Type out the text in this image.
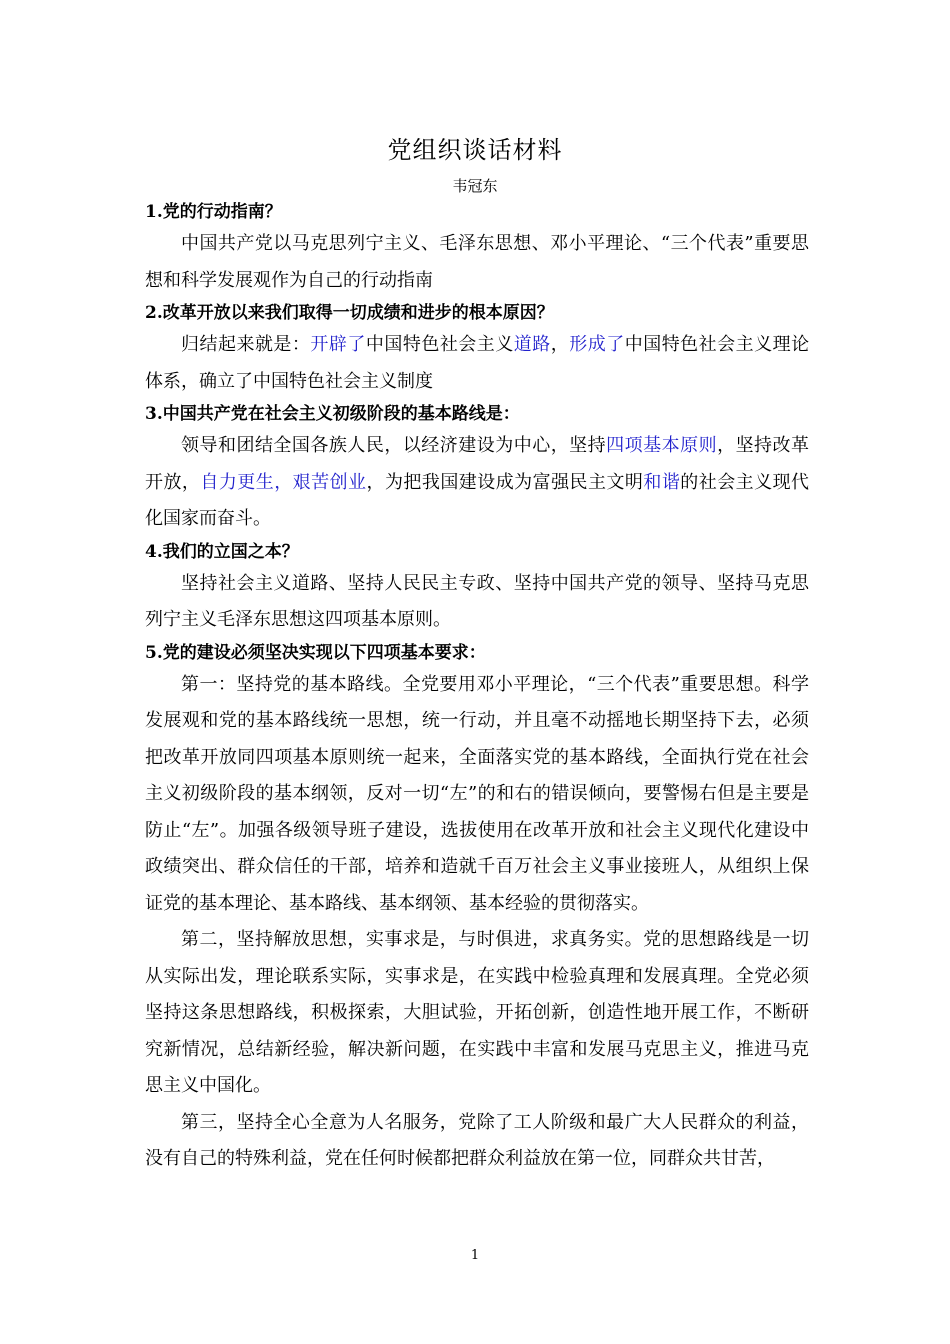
党组织谈话材料
韦冠东
1.党的行动指南？
中国共产党以马克思列宁主义、毛泽东思想、邓小平理论、“三个代表”重要思想和科学发展观作为自己的行动指南
2.改革开放以来我们取得一切成绩和进步的根本原因？
归结起来就是：开辟了中国特色社会主义道路，形成了中国特色社会主义理论体系，确立了中国特色社会主义制度
3.中国共产党在社会主义初级阶段的基本路线是：
领导和团结全国各族人民，以经济建设为中心，坚持四项基本原则，坚持改革开放，自力更生，艰苦创业，为把我国建设成为富强民主文明和谐的社会主义现代化国家而奋斗。
4.我们的立国之本？
坚持社会主义道路、坚持人民民主专政、坚持中国共产党的领导、坚持马克思列宁主义毛泽东思想这四项基本原则。
5.党的建设必须坚决实现以下四项基本要求：
第一：坚持党的基本路线。全党要用邓小平理论，“三个代表”重要思想。科学发展观和党的基本路线统一思想，统一行动，并且毫不动摇地长期坚持下去，必须把改革开放同四项基本原则统一起来，全面落实党的基本路线，全面执行党在社会主义初级阶段的基本纲领，反对一切“左”的和右的错误倾向，要警惕右但是主要是防止“左”。加强各级领导班子建设，选拔使用在改革开放和社会主义现代化建设中政绩突出、群众信任的干部，培养和造就千百万社会主义事业接班人，从组织上保证党的基本理论、基本路线、基本纲领、基本经验的贯彻落实。
第二，坚持解放思想，实事求是，与时俱进，求真务实。党的思想路线是一切从实际出发，理论联系实际，实事求是，在实践中检验真理和发展真理。全党必须坚持这条思想路线，积极探索，大胆试验，开拓创新，创造性地开展工作，不断研究新情况，总结新经验，解决新问题，在实践中丰富和发展马克思主义，推进马克思主义中国化。
第三，坚持全心全意为人名服务，党除了工人阶级和最广大人民群众的利益，没有自己的特殊利益，党在任何时候都把群众利益放在第一位，同群众共甘苦，
1
